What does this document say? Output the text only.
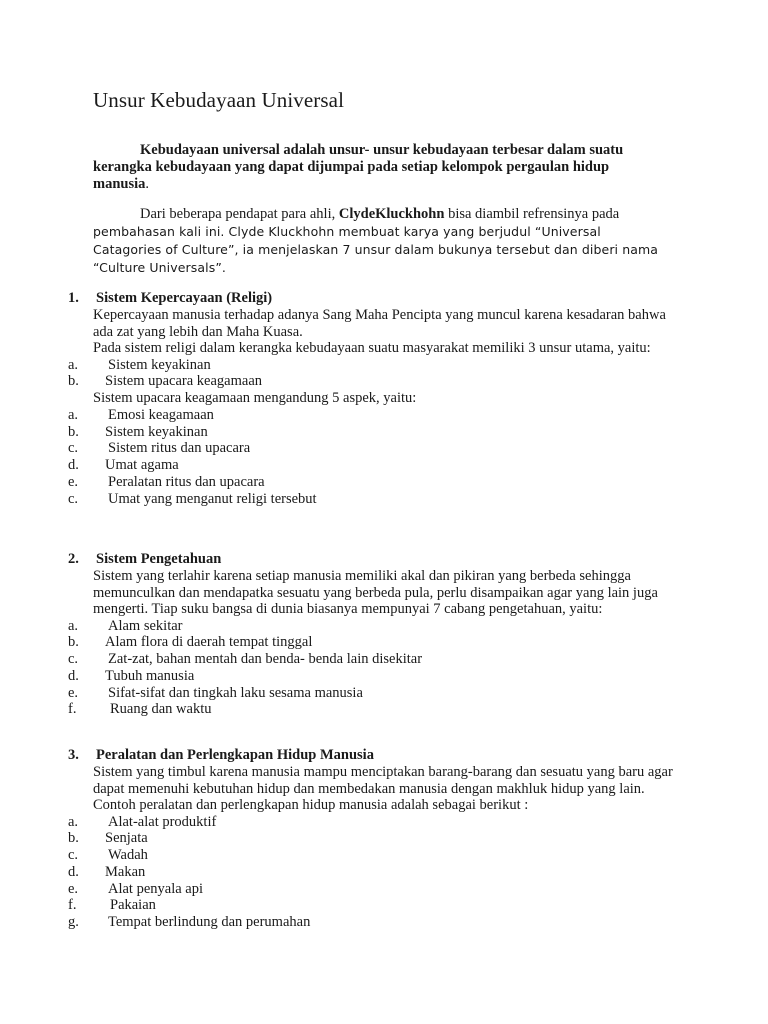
Unsur Kebudayaan Universal

Kebudayaan universal adalah unsur- unsur kebudayaan terbesar dalam suatu kerangka kebudayaan yang dapat dijumpai pada setiap kelompok pergaulan hidup manusia.

Dari beberapa pendapat para ahli, ClydeKluckhohn bisa diambil refrensinya pada
pembahasan kali ini. Clyde Kluckhohn membuat karya yang berjudul “Universal Catagories of Culture”, ia menjelaskan 7 unsur dalam bukunya tersebut dan diberi nama “Culture Universals”.

1. Sistem Kepercayaan (Religi)

Kepercayaan manusia terhadap adanya Sang Maha Pencipta yang muncul karena kesadaran bahwa ada zat yang lebih dan Maha Kuasa.

Pada sistem religi dalam kerangka kebudayaan suatu masyarakat memiliki 3 unsur utama, yaitu:

a. Sistem keyakinan
b. Sistem upacara keagamaan
Sistem upacara keagamaan mengandung 5 aspek, yaitu:
a. Emosi keagamaan
b. Sistem keyakinan
c. Sistem ritus dan upacara
d. Umat agama
e. Peralatan ritus dan upacara
c. Umat yang menganut religi tersebut
2. Sistem Pengetahuan

Sistem yang terlahir karena setiap manusia memiliki akal dan pikiran yang berbeda sehingga memunculkan dan mendapatka sesuatu yang berbeda pula, perlu disampaikan agar yang lain juga mengerti. Tiap suku bangsa di dunia biasanya mempunyai 7 cabang pengetahuan, yaitu:

a. Alam sekitar
b. Alam flora di daerah tempat tinggal
c. Zat-zat, bahan mentah dan benda- benda lain disekitar
d. Tubuh manusia
e. Sifat-sifat dan tingkah laku sesama manusia
f. Ruang dan waktu
3. Peralatan dan Perlengkapan Hidup Manusia

Sistem yang timbul karena manusia mampu menciptakan barang-barang dan sesuatu yang baru agar dapat memenuhi kebutuhan hidup dan membedakan manusia dengan makhluk hidup yang lain. Contoh peralatan dan perlengkapan hidup manusia adalah sebagai berikut :

a. Alat-alat produktif
b. Senjata
c. Wadah
d. Makan
e. Alat penyala api
f. Pakaian
g. Tempat berlindung dan perumahan
